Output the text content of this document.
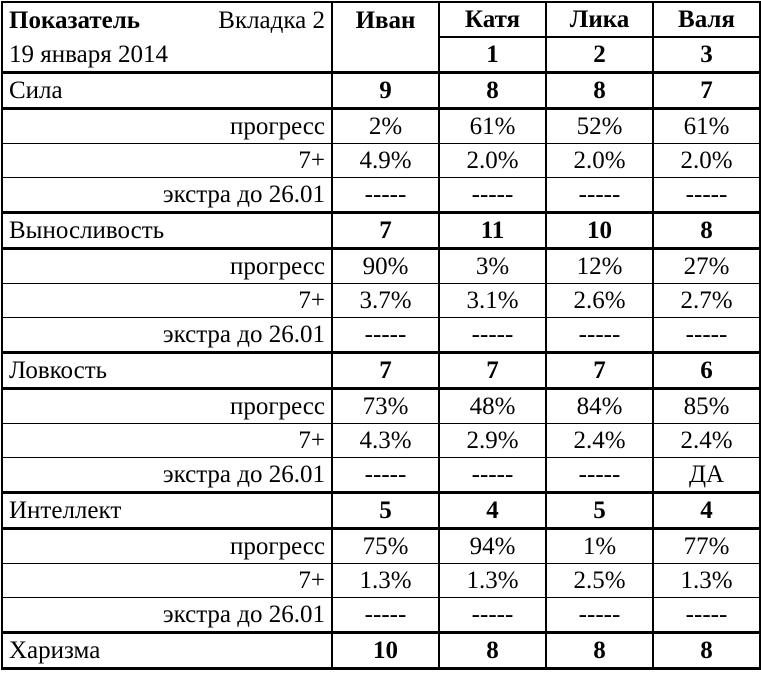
Показатель Вкладка 2	Иван	Катя	Лика	Валя
19 января 2014		1	2	3
Сила	9	8	8	7
прогресс	2%	61%	52%	61%
7+	4.9%	2.0%	2.0%	2.0%
экстра до 26.01	-----	-----	-----	-----
Выносливость	7	11	10	8
прогресс	90%	3%	12%	27%
7+	3.7%	3.1%	2.6%	2.7%
экстра до 26.01	-----	-----	-----	-----
Ловкость	7	7	7	6
прогресс	73%	48%	84%	85%
7+	4.3%	2.9%	2.4%	2.4%
экстра до 26.01	-----	-----	-----	ДА
Интеллект	5	4	5	4
прогресс	75%	94%	1%	77%
7+	1.3%	1.3%	2.5%	1.3%
экстра до 26.01	-----	-----	-----	-----
Харизма	10	8	8	8
